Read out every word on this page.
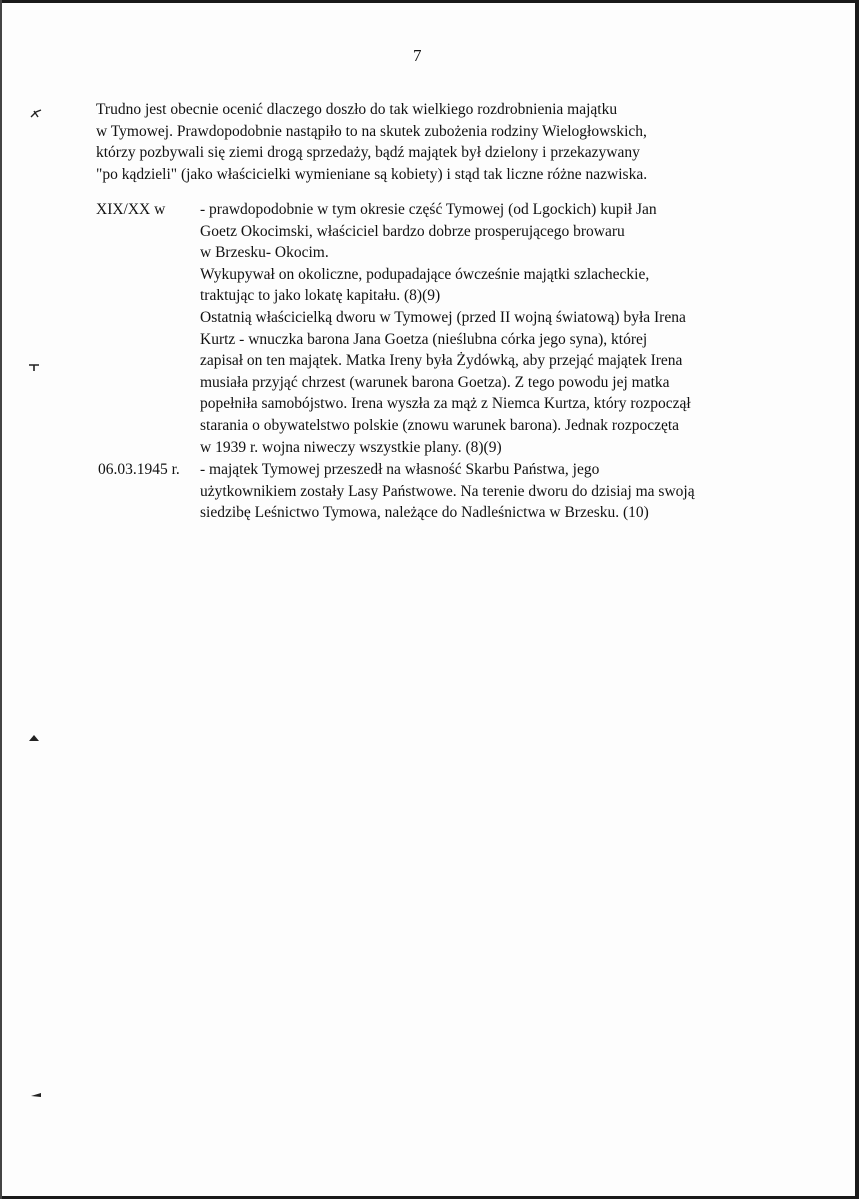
7
Trudno jest obecnie ocenić dlaczego doszło do tak wielkiego rozdrobnienia majątku
w Tymowej. Prawdopodobnie nastąpiło to na skutek zubożenia rodziny Wielogłowskich,
którzy pozbywali się ziemi drogą sprzedaży, bądź majątek był dzielony i przekazywany
"po kądzieli" (jako właścicielki wymieniane są kobiety) i stąd tak liczne różne nazwiska.
XIX/XX w - prawdopodobnie w tym okresie część Tymowej (od Lgockich) kupił Jan
Goetz Okocimski, właściciel bardzo dobrze prosperującego browaru
w Brzesku- Okocim.
Wykupywał on okoliczne, podupadające ówcześnie majątki szlacheckie,
traktując to jako lokatę kapitału. (8)(9)
Ostatnią właścicielką dworu w Tymowej (przed II wojną światową) była Irena
Kurtz - wnuczka barona Jana Goetza (nieślubna córka jego syna), której
zapisał on ten majątek. Matka Ireny była Żydówką, aby przejąć majątek Irena
musiała przyjąć chrzest (warunek barona Goetza). Z tego powodu jej matka
popełniła samobójstwo. Irena wyszła za mąż z Niemca Kurtza, który rozpoczął
starania o obywatelstwo polskie (znowu warunek barona). Jednak rozpoczęta
w 1939 r. wojna niweczy wszystkie plany. (8)(9)
06.03.1945 r. - majątek Tymowej przeszedł na własność Skarbu Państwa, jego
użytkownikiem zostały Lasy Państwowe. Na terenie dworu do dzisiaj ma swoją
siedzibę Leśnictwo Tymowa, należące do Nadleśnictwa w Brzesku. (10)
